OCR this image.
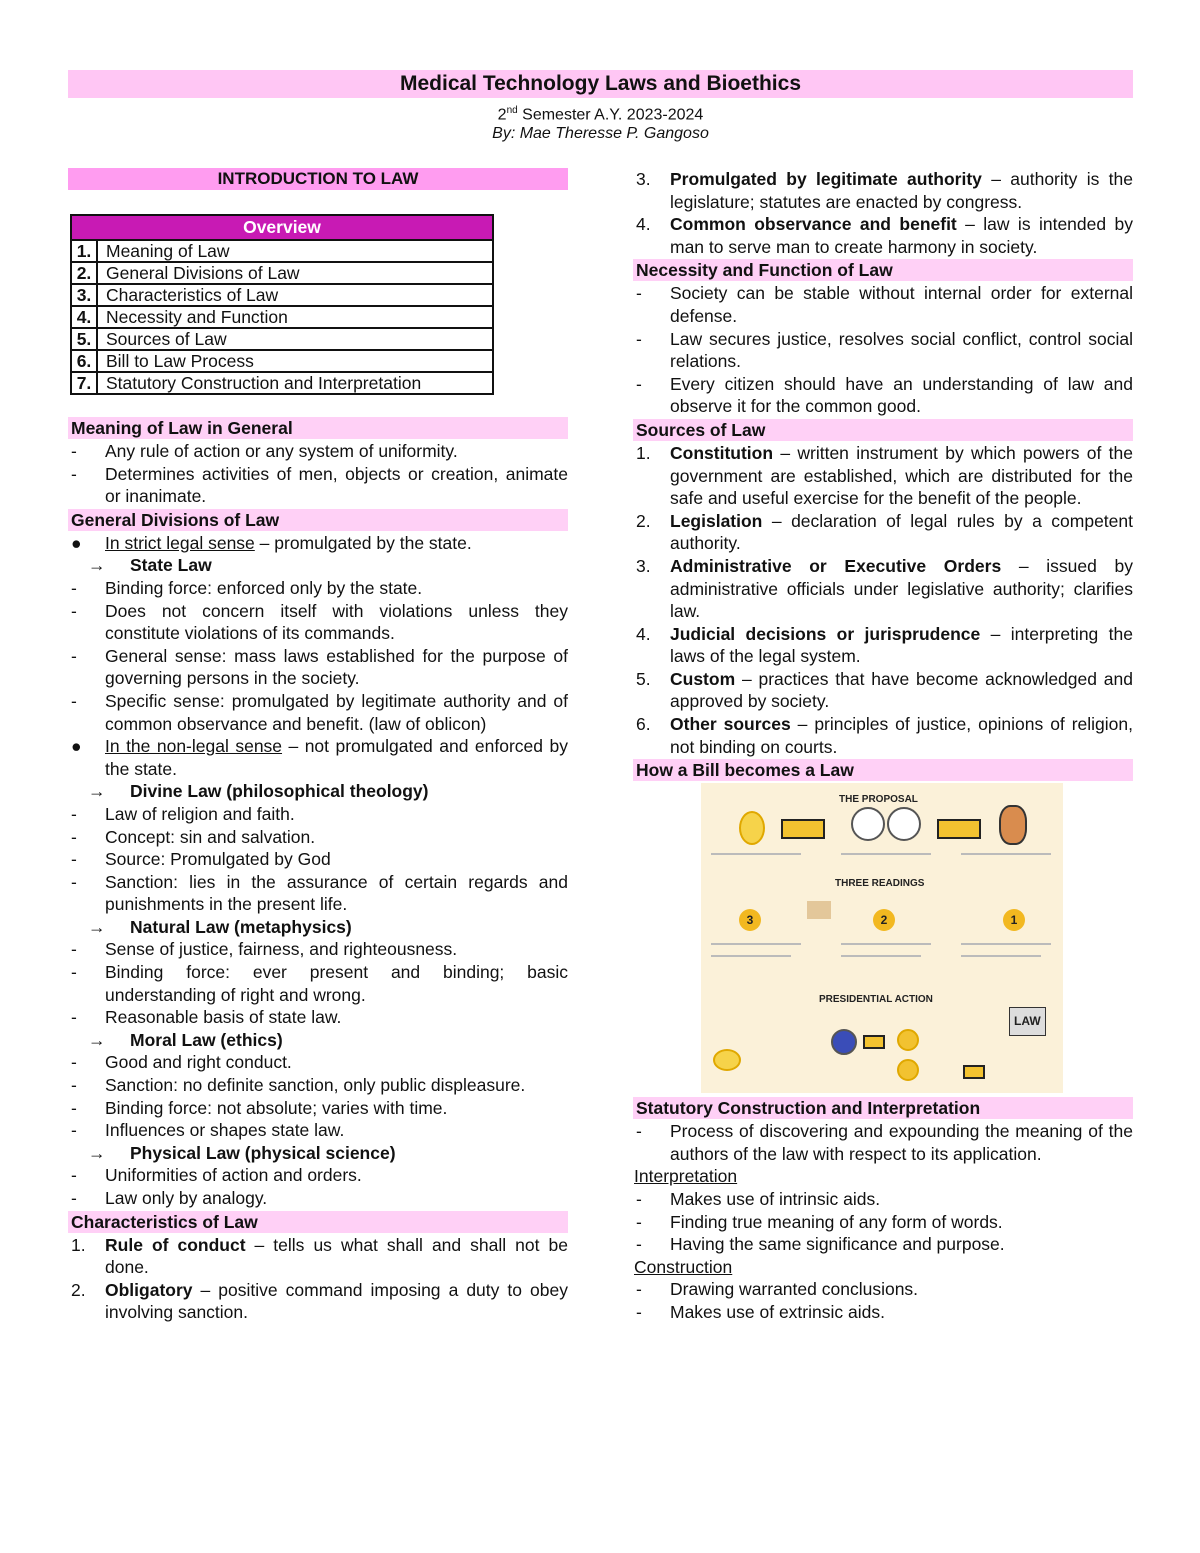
Medical Technology Laws and Bioethics
2nd Semester A.Y. 2023-2024
By: Mae Theresse P. Gangoso
INTRODUCTION TO LAW
Overview	
1.	Meaning of Law
2.	General Divisions of Law
3.	Characteristics of Law
4.	Necessity and Function
5.	Sources of Law
6.	Bill to Law Process
7.	Statutory Construction and Interpretation
Meaning of Law in General
-	Any rule of action or any system of uniformity.
-	Determines activities of men, objects or creation, animate or inanimate.
General Divisions of Law
●	In strict legal sense – promulgated by the state.
→ State Law
-	Binding force: enforced only by the state.
-	Does not concern itself with violations unless they constitute violations of its commands.
-	General sense: mass laws established for the purpose of governing persons in the society.
-	Specific sense: promulgated by legitimate authority and of common observance and benefit. (law of oblicon)
●	In the non-legal sense – not promulgated and enforced by the state.
→ Divine Law (philosophical theology)
-	Law of religion and faith.
-	Concept: sin and salvation.
-	Source: Promulgated by God
-	Sanction: lies in the assurance of certain regards and punishments in the present life.
→ Natural Law (metaphysics)
-	Sense of justice, fairness, and righteousness.
-	Binding force: ever present and binding; basic understanding of right and wrong.
-	Reasonable basis of state law.
→ Moral Law (ethics)
-	Good and right conduct.
-	Sanction: no definite sanction, only public displeasure.
-	Binding force: not absolute; varies with time.
-	Influences or shapes state law.
→ Physical Law (physical science)
-	Uniformities of action and orders.
-	Law only by analogy.
Characteristics of Law
1.	Rule of conduct – tells us what shall and shall not be done.
2.	Obligatory – positive command imposing a duty to obey involving sanction.
3.	Promulgated by legitimate authority – authority is the legislature; statutes are enacted by congress.
4.	Common observance and benefit – law is intended by man to serve man to create harmony in society.
Necessity and Function of Law
-	Society can be stable without internal order for external defense.
-	Law secures justice, resolves social conflict, control social relations.
-	Every citizen should have an understanding of law and observe it for the common good.
Sources of Law
1.	Constitution – written instrument by which powers of the government are established, which are distributed for the safe and useful exercise for the benefit of the people.
2.	Legislation – declaration of legal rules by a competent authority.
3.	Administrative or Executive Orders – issued by administrative officials under legislative authority; clarifies law.
4.	Judicial decisions or jurisprudence – interpreting the laws of the legal system.
5.	Custom – practices that have become acknowledged and approved by society.
6.	Other sources – principles of justice, opinions of religion, not binding on courts.
How a Bill becomes a Law
THE PROPOSAL
THREE READINGS
3	2	1
PRESIDENTIAL ACTION
LAW
Statutory Construction and Interpretation
-	Process of discovering and expounding the meaning of the authors of the law with respect to its application.
Interpretation
-	Makes use of intrinsic aids.
-	Finding true meaning of any form of words.
-	Having the same significance and purpose.
Construction
-	Drawing warranted conclusions.
-	Makes use of extrinsic aids.
